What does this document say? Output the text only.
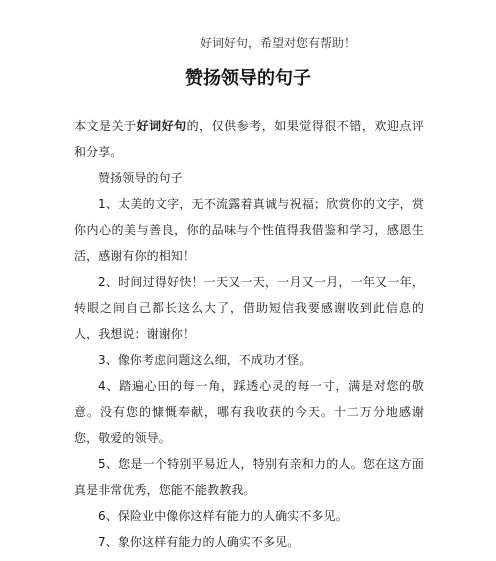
好词好句，希望对您有帮助！
赞扬领导的句子

本文是关于好词好句的，仅供参考，如果觉得很不错，欢迎点评和分享。

赞扬领导的句子

1、太美的文字，无不流露着真诚与祝福；欣赏你的文字，赏你内心的美与善良，你的品味与个性值得我借鉴和学习，感恩生活，感谢有你的相知！

2、时间过得好快！一天又一天，一月又一月，一年又一年，转眼之间自己都长这么大了，借助短信我要感谢收到此信息的人，我想说：谢谢你！

3、像你考虑问题这么细，不成功才怪。

4、踏遍心田的每一角，踩透心灵的每一寸，满是对您的敬意。没有您的慷慨奉献，哪有我收获的今天。十二万分地感谢您，敬爱的领导。

5、您是一个特别平易近人，特别有亲和力的人。您在这方面真是非常优秀，您能不能教教我。

6、保险业中像你这样有能力的人确实不多见。

7、象你这样有能力的人确实不多见。
